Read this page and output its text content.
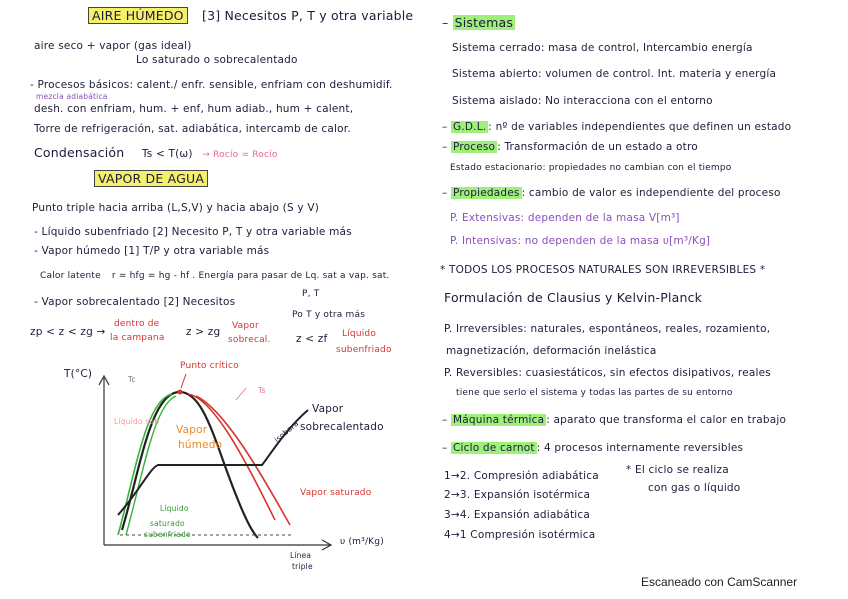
AIRE HÚMEDO	[3] Necesitos P, T y otra variable
aire seco + vapor (gas ideal)
Lo saturado o sobrecalentado
- Procesos básicos: calent./ enfr. sensible, enfriam con deshumidif.
mezcla adiabática
desh. con enfriam, hum. + enf, hum adiab., hum + calent,
Torre de refrigeración, sat. adiabática, intercamb de calor.
Condensación Ts < T(ω) → Rocío = Rocío
VAPOR DE AGUA
Punto triple hacia arriba (L,S,V) y hacia abajo (S y V)
- Líquido subenfriado [2] Necesito P, T y otra variable más
- Vapor húmedo [1] T/P y otra variable más
Calor latente r = hfg = hg - hf . Energía para pasar de Lq. sat a vap. sat.
- Vapor sobrecalentado [2] Necesitos
P, T
Po T y otra más
zp < z < zg →
dentro de
la campana z > zg Vapor
sobrecal. z < zf Líquido
subenfriado
T(°C)	Tc
Ts
Punto crítico
Líquido sub
Vapor
húmedo
Vapor
sobrecalentado
isobara
Vapor saturado
Líquido
saturado
subenfriado
υ (m³/Kg)
Línea
triple
– Sistemas
Sistema cerrado: masa de control, Intercambio energía
Sistema abierto: volumen de control. Int. materia y energía
Sistema aislado: No interacciona con el entorno
– G.D.L. : nº de variables independientes que definen un estado
– Proceso : Transformación de un estado a otro
Estado estacionario: propiedades no cambian con el tiempo
– Propiedades : cambio de valor es independiente del proceso
P. Extensivas: dependen de la masa V[m³]
P. Intensivas: no dependen de la masa υ[m³/Kg]
* TODOS LOS PROCESOS NATURALES SON IRREVERSIBLES *
Formulación de Clausius y Kelvin-Planck
P. Irreversibles: naturales, espontáneos, reales, rozamiento,
magnetización, deformación inelástica
P. Reversibles: cuasiestáticos, sin efectos disipativos, reales
tiene que serlo el sistema y todas las partes de su entorno
– Máquina térmica : aparato que transforma el calor en trabajo
– Ciclo de carnot : 4 procesos internamente reversibles
1→2. Compresión adiabática
2→3. Expansión isotérmica
3→4. Expansión adiabática
4→1 Compresión isotérmica
* El ciclo se realiza
con gas o líquido
Escaneado con CamScanner
